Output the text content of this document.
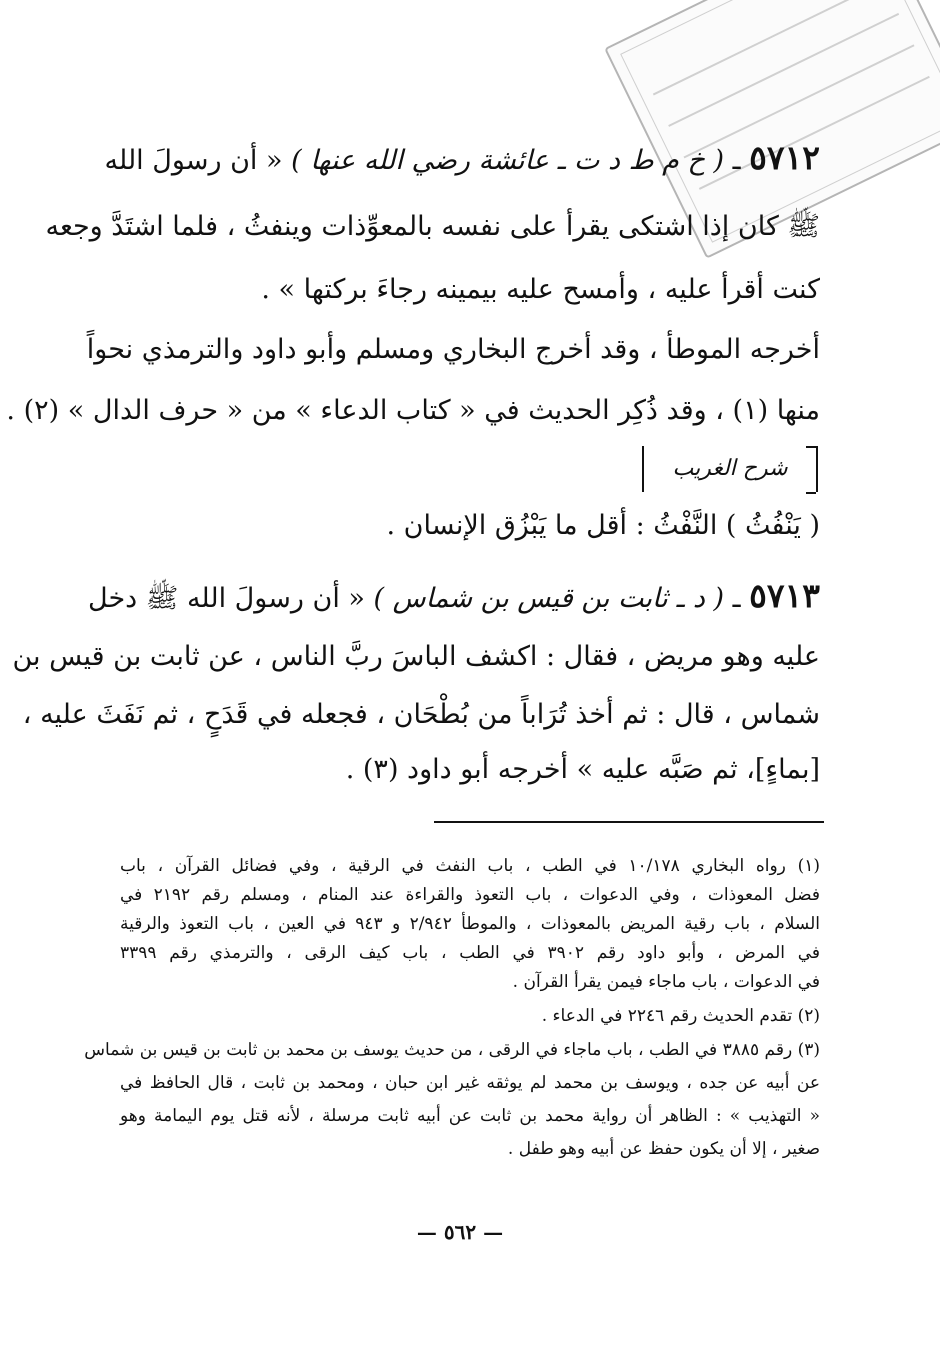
٥٧١٢ ـ ( خ م ط د ت ـ عائشة رضي الله عنها ) « أن رسولَ الله
ﷺ كان إذا اشتكى يقرأ على نفسه بالمعوِّذات وينفثُ ، فلما اشتَدَّ وجعه
كنت أقرأ عليه ، وأمسح عليه بيمينه رجاءَ بركتها » .
أخرجه الموطأ ، وقد أخرج البخاري ومسلم وأبو داود والترمذي نحواً
منها (١) ، وقد ذُكِر الحديث في « كتاب الدعاء » من « حرف الدال » (٢) .
شرح الغريب
( يَنْفُثُ ) النَّفْثُ : أقل ما يَبْزُق الإنسان .
٥٧١٣ ـ ( د ـ ثابت بن قيس بن شماس ) « أن رسولَ الله ﷺ دخل
عليه وهو مريض ، فقال : اكشف الباسَ ربَّ الناس ، عن ثابت بن قيس بن
شماس ، قال : ثم أخذ تُرَاباً من بُطْحَان ، فجعله في قَدَحٍ ، ثم نَفَثَ عليه ،
[بماءٍ]، ثم صَبَّه عليه » أخرجه أبو داود (٣) .
(١) رواه البخاري ١٠/١٧٨ في الطب ، باب النفث في الرقية ، وفي فضائل القرآن ، باب
فضل المعوذات ، وفي الدعوات ، باب التعوذ والقراءة عند المنام ، ومسلم رقم ٢١٩٢ في
السلام ، باب رقية المريض بالمعوذات ، والموطأ ٢/٩٤٢ و ٩٤٣ في العين ، باب التعوذ والرقية
في المرض ، وأبو داود رقم ٣٩٠٢ في الطب ، باب كيف الرقى ، والترمذي رقم ٣٣٩٩
في الدعوات ، باب ماجاء فيمن يقرأ القرآن .
(٢) تقدم الحديث رقم ٢٢٤٦ في الدعاء .
(٣) رقم ٣٨٨٥ في الطب ، باب ماجاء في الرقى ، من حديث يوسف بن محمد بن ثابت بن قيس بن شماس
عن أبيه عن جده ، ويوسف بن محمد لم يوثقه غير ابن حبان ، ومحمد بن ثابت ، قال الحافظ في
« التهذيب » : الظاهر أن رواية محمد بن ثابت عن أبيه ثابت مرسلة ، لأنه قتل يوم اليمامة وهو
صغير ، إلا أن يكون حفظ عن أبيه وهو طفل .
— ٥٦٢ —
